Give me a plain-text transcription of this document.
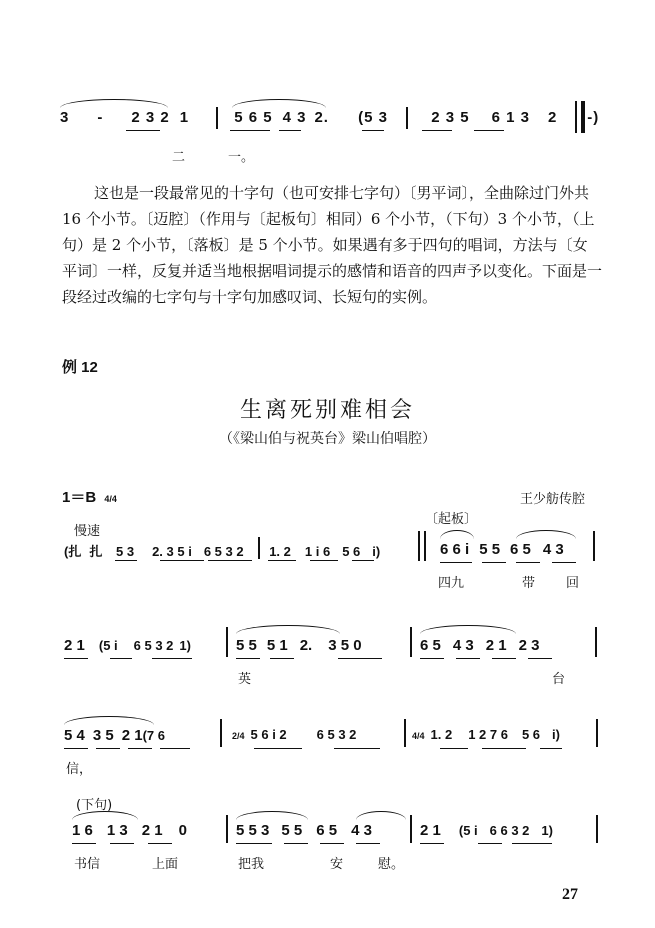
3 - 2 3 2 1	5 6 5 4 3 2. (5 3	2 3 5 6 1 3 2 -)
二	一。

这也是一段最常见的十字句（也可安排七字句）〔男平词〕，全曲除过门外共 16 个小节。〔迈腔〕（作用与〔起板句〕相同）6 个小节，（下句）3 个小节，（上句）是 2 个小节，〔落板〕是 5 个小节。如果遇有多于四句的唱词，方法与〔女平词〕一样，反复并适当地根据唱词提示的感情和语音的四声予以变化。下面是一段经过改编的七字句与十字句加感叹词、长短句的实例。

例 12
生离死别难相会
（《梁山伯与祝英台》梁山伯唱腔）
1＝B 4/4	王少舫传腔
慢速
〔起板〕
(扎 扎 5 3 2. 3 5 i 6 5 3 2 1. 2 1 i 6 5 6 i)	6 6 i 5 5 6 5 4 3
四九	带 回
2 1 (5 i 6 5 3 2 1)	5 5 5 1 2. 3 5 0	6 5 4 3 2 1 2 3
英	台
5 4 3 5 2 1(7 6	2/4 5 6 i 2 6 5 3 2	4/4 1. 2 1 2 7 6 5 6 i)
信，
(下句)
1 6 1 3 2 1 0	5 5 3 5 5 6 5 4 3	2 1 (5 i 6 6 3 2 1)
书信	上面	把我	安	慰。
27
